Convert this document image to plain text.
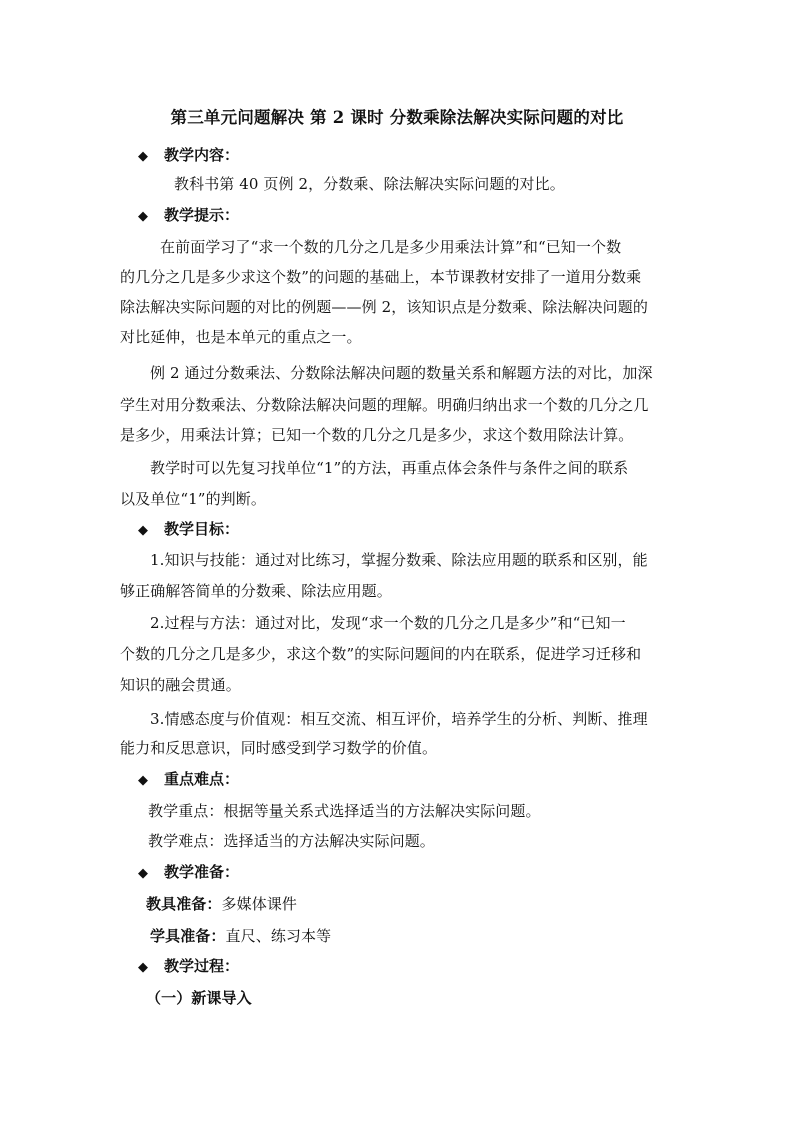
第三单元问题解决 第 2 课时 分数乘除法解决实际问题的对比
◆ 教学内容：
教科书第 40 页例 2，分数乘、除法解决实际问题的对比。
◆ 教学提示：
在前面学习了“求一个数的几分之几是多少用乘法计算”和“已知一个数
的几分之几是多少求这个数”的问题的基础上，本节课教材安排了一道用分数乘
除法解决实际问题的对比的例题——例 2，该知识点是分数乘、除法解决问题的
对比延伸，也是本单元的重点之一。
例 2 通过分数乘法、分数除法解决问题的数量关系和解题方法的对比，加深
学生对用分数乘法、分数除法解决问题的理解。明确归纳出求一个数的几分之几
是多少，用乘法计算；已知一个数的几分之几是多少，求这个数用除法计算。
教学时可以先复习找单位“1”的方法，再重点体会条件与条件之间的联系
以及单位“1”的判断。
◆ 教学目标：
1.知识与技能：通过对比练习，掌握分数乘、除法应用题的联系和区别，能
够正确解答简单的分数乘、除法应用题。
2.过程与方法：通过对比，发现“求一个数的几分之几是多少”和“已知一
个数的几分之几是多少，求这个数”的实际问题间的内在联系，促进学习迁移和
知识的融会贯通。
3.情感态度与价值观：相互交流、相互评价，培养学生的分析、判断、推理
能力和反思意识，同时感受到学习数学的价值。
◆ 重点难点：
教学重点：根据等量关系式选择适当的方法解决实际问题。
教学难点：选择适当的方法解决实际问题。
◆ 教学准备：
教具准备：多媒体课件
学具准备：直尺、练习本等
◆ 教学过程：
（一）新课导入
